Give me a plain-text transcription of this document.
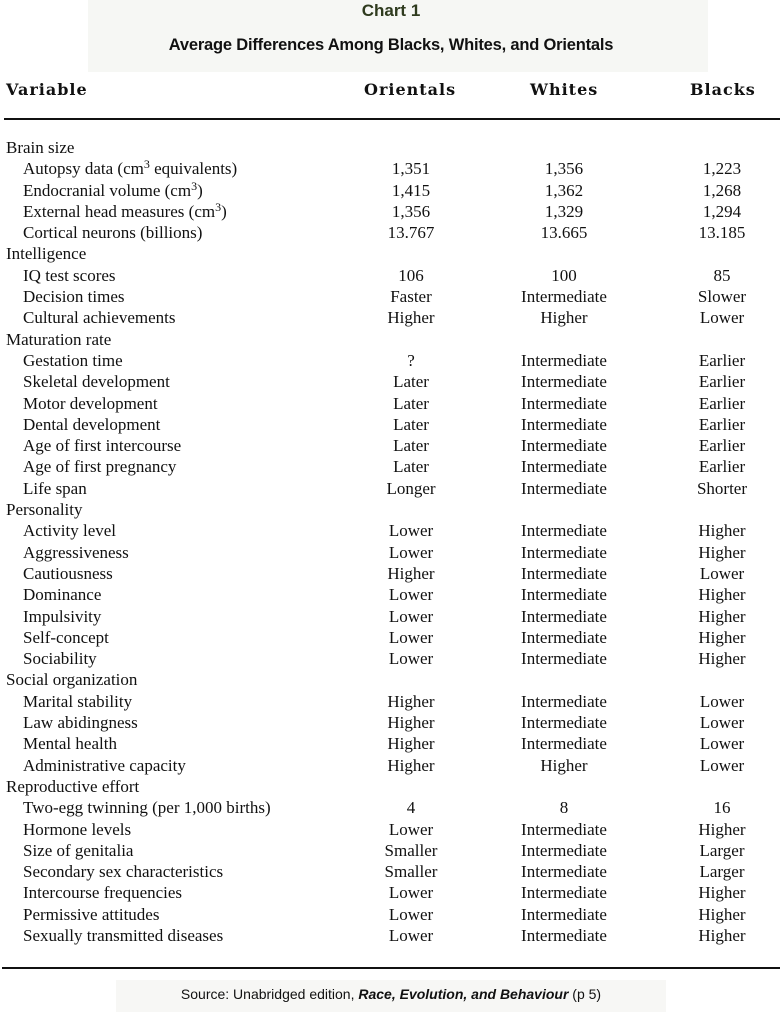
Chart 1
Average Differences Among Blacks, Whites, and Orientals
Variable	Orientals	Whites	Blacks
Brain size
Autopsy data ($cm^3$ equivalents)	1,351	1,356	1,223
Endocranial volume $(cm^3)$	1,415	1,362	1,268
External head measures $(cm^3)$	1,356	1,329	1,294
Cortical neurons (billions)	13.767	13.665	13.185
Intelligence
IQ test scores	106	100	85
Decision times	Faster	Intermediate	Slower
Cultural achievements	Higher	Higher	Lower
Maturation rate
Gestation time	?	Intermediate	Earlier
Skeletal development	Later	Intermediate	Earlier
Motor development	Later	Intermediate	Earlier
Dental development	Later	Intermediate	Earlier
Age of first intercourse	Later	Intermediate	Earlier
Age of first pregnancy	Later	Intermediate	Earlier
Life span	Longer	Intermediate	Shorter
Personality
Activity level	Lower	Intermediate	Higher
Aggressiveness	Lower	Intermediate	Higher
Cautiousness	Higher	Intermediate	Lower
Dominance	Lower	Intermediate	Higher
Impulsivity	Lower	Intermediate	Higher
Self-concept	Lower	Intermediate	Higher
Sociability	Lower	Intermediate	Higher
Social organization
Marital stability	Higher	Intermediate	Lower
Law abidingness	Higher	Intermediate	Lower
Mental health	Higher	Intermediate	Lower
Administrative capacity	Higher	Higher	Lower
Reproductive effort
Two-egg twinning (per 1,000 births)	4	8	16
Hormone levels	Lower	Intermediate	Higher
Size of genitalia	Smaller	Intermediate	Larger
Secondary sex characteristics	Smaller	Intermediate	Larger
Intercourse frequencies	Lower	Intermediate	Higher
Permissive attitudes	Lower	Intermediate	Higher
Sexually transmitted diseases	Lower	Intermediate	Higher
Source: Unabridged edition, Race, Evolution, and Behaviour (p 5)
